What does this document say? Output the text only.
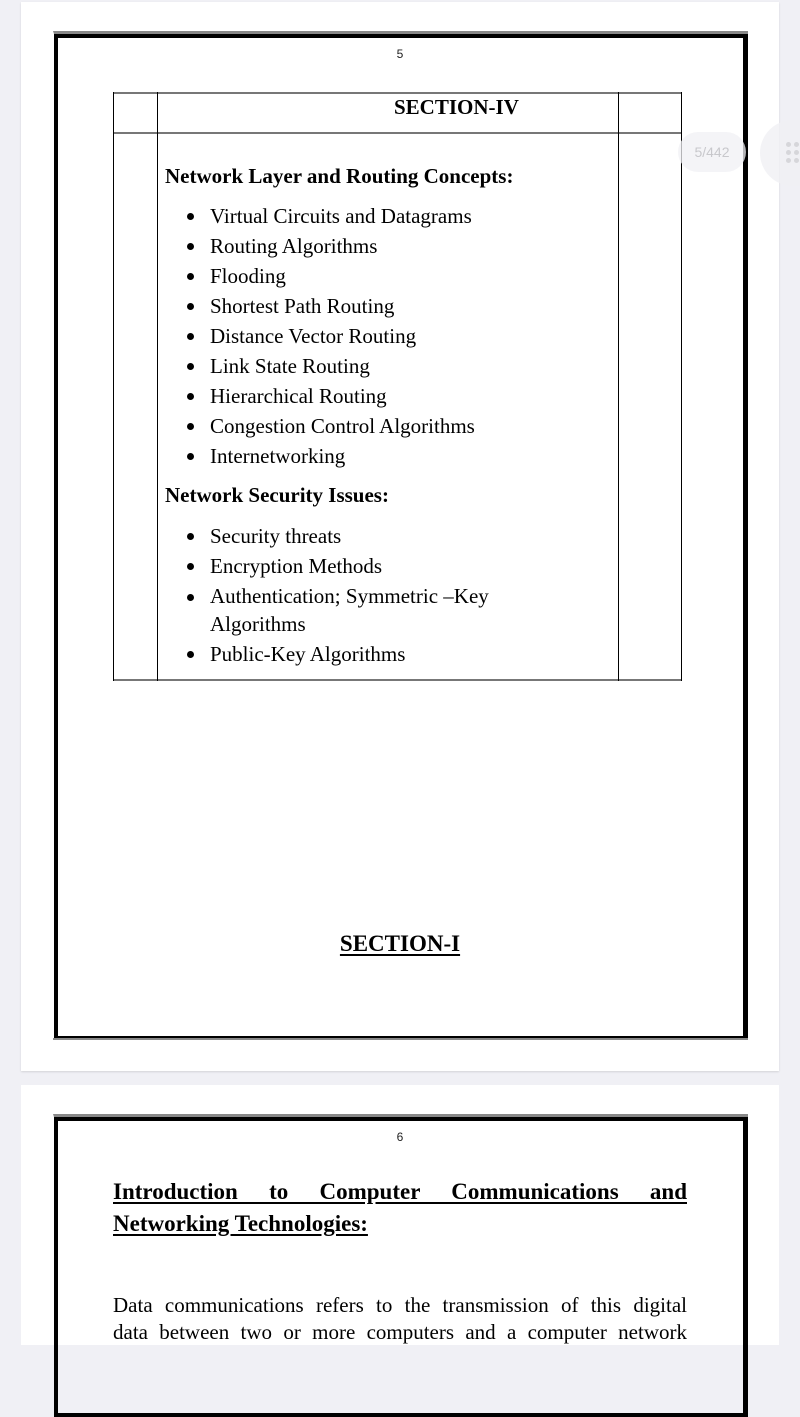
5
SECTION-IV
Network Layer and Routing Concepts:
Virtual Circuits and Datagrams
Routing Algorithms
Flooding
Shortest Path Routing
Distance Vector Routing
Link State Routing
Hierarchical Routing
Congestion Control Algorithms
Internetworking
Network Security Issues:
Security threats
Encryption Methods
Authentication; Symmetric –Key
Algorithms
Public-Key Algorithms
SECTION-I
6
Introduction to Computer Communications and
Networking Technologies:
Data communications refers to the transmission of this digital
data between two or more computers and a computer network
5/442
